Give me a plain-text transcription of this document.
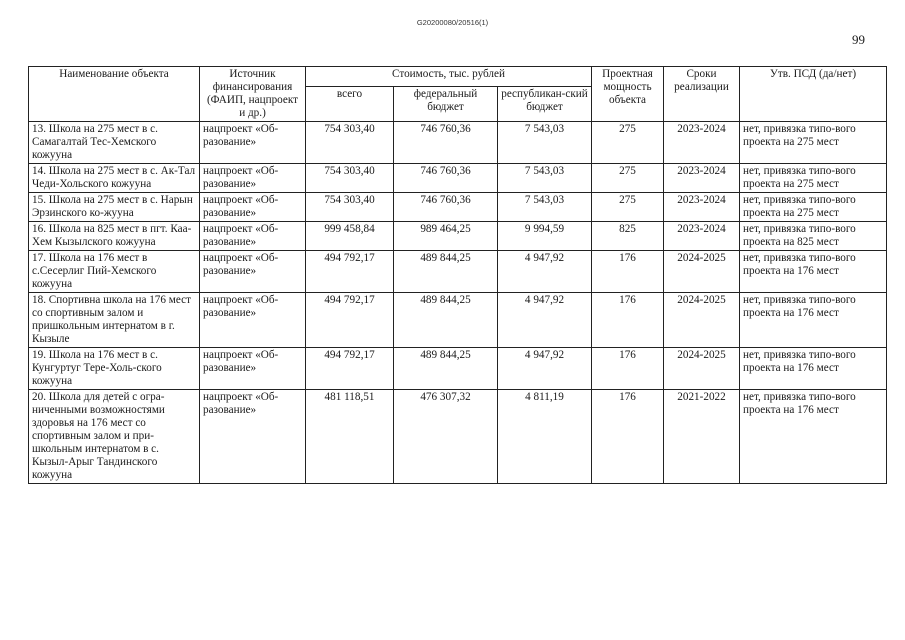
G20200080/20516(1)
99
Наименование объекта	Источник финансирования (ФАИП, нацпроект и др.)	Стоимость, тыс. рублей			Проектная мощность объекта	Сроки реализации	Утв. ПСД (да/нет)
		всего	федеральный бюджет	республикан-ский бюджет			
13. Школа на 275 мест в с. Самагалтай Тес-Хемского кожууна	нацпроект «Об-разование»	754 303,40	746 760,36	7 543,03	275	2023-2024	нет, привязка типо-вого проекта на 275 мест
14. Школа на 275 мест в с. Ак-Тал Чеди-Хольского кожууна	нацпроект «Об-разование»	754 303,40	746 760,36	7 543,03	275	2023-2024	нет, привязка типо-вого проекта на 275 мест
15. Школа на 275 мест в с. Нарын Эрзинского ко-жууна	нацпроект «Об-разование»	754 303,40	746 760,36	7 543,03	275	2023-2024	нет, привязка типо-вого проекта на 275 мест
16. Школа на 825 мест в пгт. Каа-Хем Кызылского кожууна	нацпроект «Об-разование»	999 458,84	989 464,25	9 994,59	825	2023-2024	нет, привязка типо-вого проекта на 825 мест
17. Школа на 176 мест в с.Сесерлиг Пий-Хемского кожууна	нацпроект «Об-разование»	494 792,17	489 844,25	4 947,92	176	2024-2025	нет, привязка типо-вого проекта на 176 мест
18. Спортивна школа на 176 мест со спортивным залом и пришкольным интернатом в г. Кызыле	нацпроект «Об-разование»	494 792,17	489 844,25	4 947,92	176	2024-2025	нет, привязка типо-вого проекта на 176 мест
19. Школа на 176 мест в с. Кунгуртуг Тере-Холь-ского кожууна	нацпроект «Об-разование»	494 792,17	489 844,25	4 947,92	176	2024-2025	нет, привязка типо-вого проекта на 176 мест
20. Школа для детей с огра-ниченными возможностями здоровья на 176 мест со спортивным залом и при-школьным интернатом в с. Кызыл-Арыг Тандинского кожууна	нацпроект «Об-разование»	481 118,51	476 307,32	4 811,19	176	2021-2022	нет, привязка типо-вого проекта на 176 мест
